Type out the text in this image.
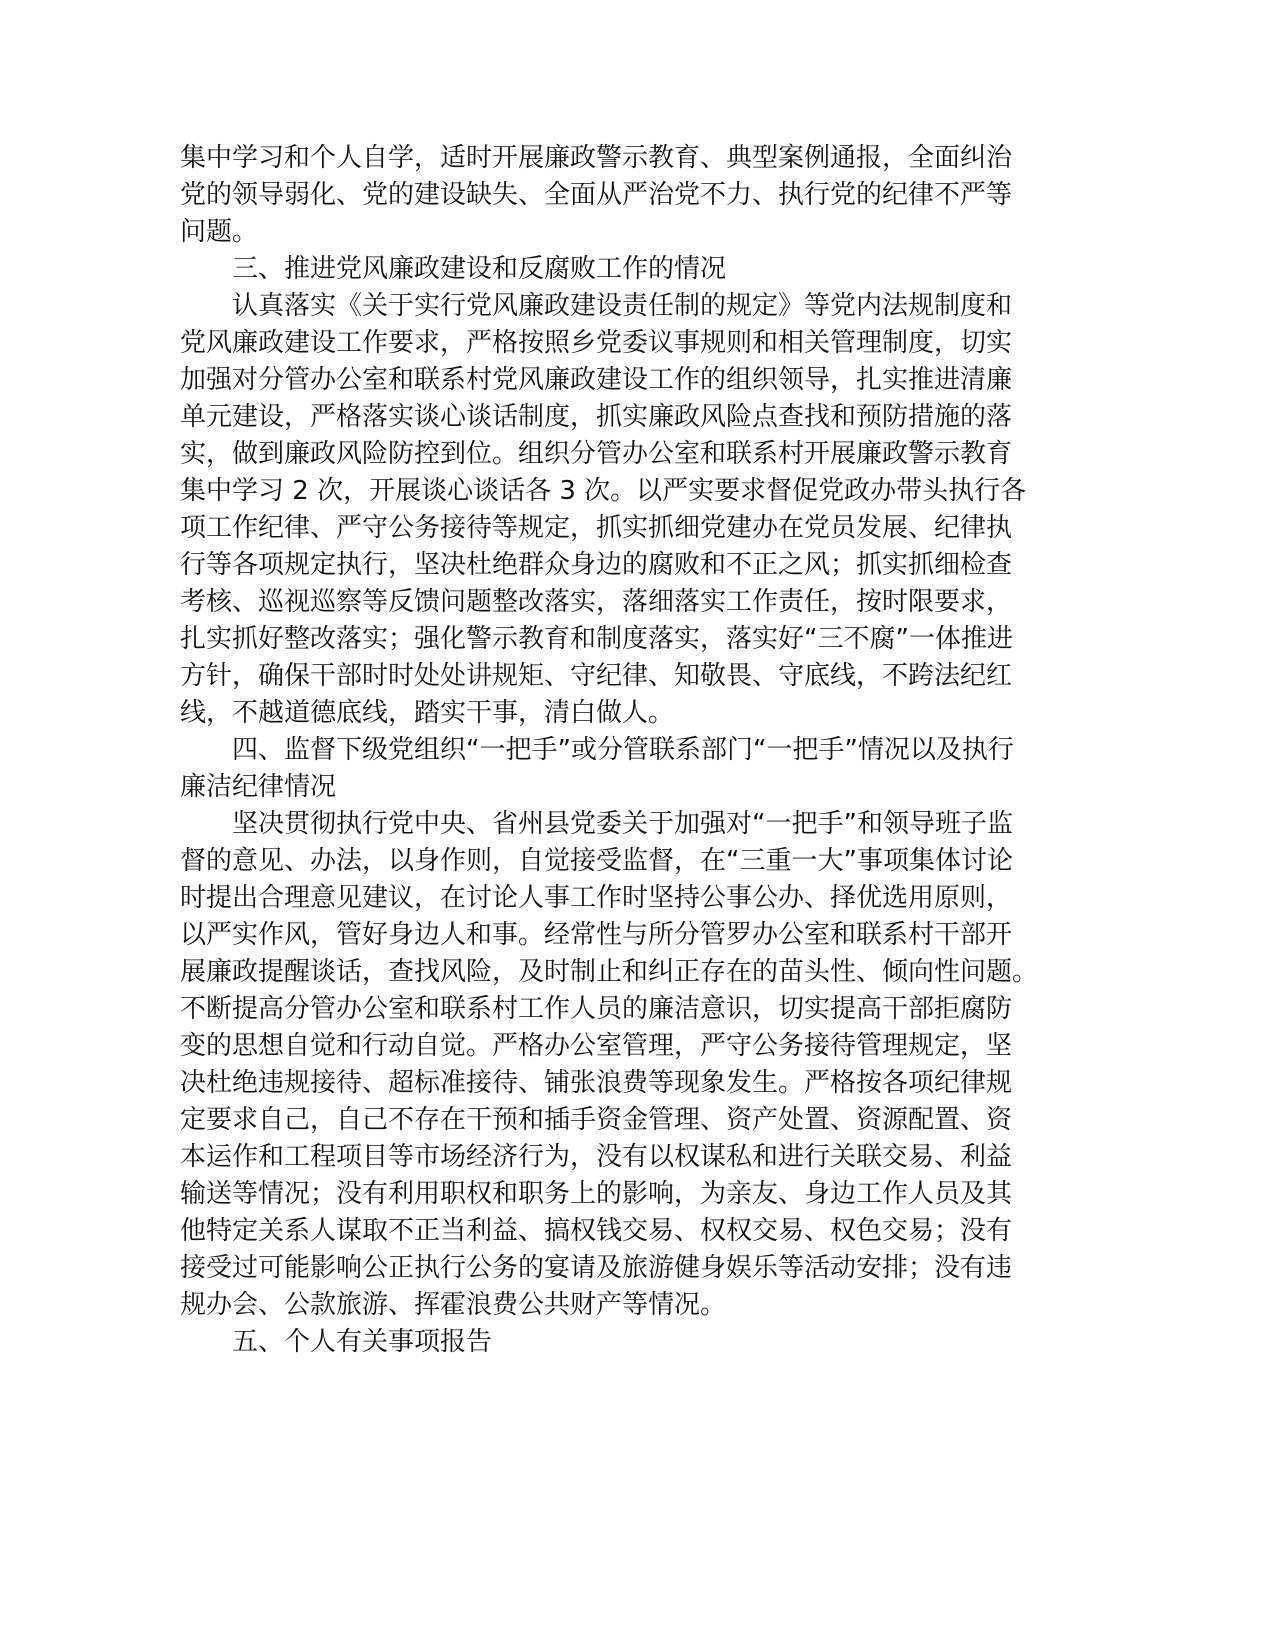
集中学习和个人自学，适时开展廉政警示教育、典型案例通报，全面纠治
党的领导弱化、党的建设缺失、全面从严治党不力、执行党的纪律不严等
问题。
三、推进党风廉政建设和反腐败工作的情况
认真落实《关于实行党风廉政建设责任制的规定》等党内法规制度和
党风廉政建设工作要求，严格按照乡党委议事规则和相关管理制度，切实
加强对分管办公室和联系村党风廉政建设工作的组织领导，扎实推进清廉
单元建设，严格落实谈心谈话制度，抓实廉政风险点查找和预防措施的落
实，做到廉政风险防控到位。组织分管办公室和联系村开展廉政警示教育
集中学习 2 次，开展谈心谈话各 3 次。以严实要求督促党政办带头执行各
项工作纪律、严守公务接待等规定，抓实抓细党建办在党员发展、纪律执
行等各项规定执行，坚决杜绝群众身边的腐败和不正之风；抓实抓细检查
考核、巡视巡察等反馈问题整改落实，落细落实工作责任，按时限要求，
扎实抓好整改落实；强化警示教育和制度落实，落实好“三不腐”一体推进
方针，确保干部时时处处讲规矩、守纪律、知敬畏、守底线，不跨法纪红
线，不越道德底线，踏实干事，清白做人。
四、监督下级党组织“一把手”或分管联系部门“一把手”情况以及执行
廉洁纪律情况
坚决贯彻执行党中央、省州县党委关于加强对“一把手”和领导班子监
督的意见、办法，以身作则，自觉接受监督，在“三重一大”事项集体讨论
时提出合理意见建议，在讨论人事工作时坚持公事公办、择优选用原则，
以严实作风，管好身边人和事。经常性与所分管罗办公室和联系村干部开
展廉政提醒谈话，查找风险，及时制止和纠正存在的苗头性、倾向性问题。
不断提高分管办公室和联系村工作人员的廉洁意识，切实提高干部拒腐防
变的思想自觉和行动自觉。严格办公室管理，严守公务接待管理规定，坚
决杜绝违规接待、超标准接待、铺张浪费等现象发生。严格按各项纪律规
定要求自己，自己不存在干预和插手资金管理、资产处置、资源配置、资
本运作和工程项目等市场经济行为，没有以权谋私和进行关联交易、利益
输送等情况；没有利用职权和职务上的影响，为亲友、身边工作人员及其
他特定关系人谋取不正当利益、搞权钱交易、权权交易、权色交易；没有
接受过可能影响公正执行公务的宴请及旅游健身娱乐等活动安排；没有违
规办会、公款旅游、挥霍浪费公共财产等情况。
五、个人有关事项报告
